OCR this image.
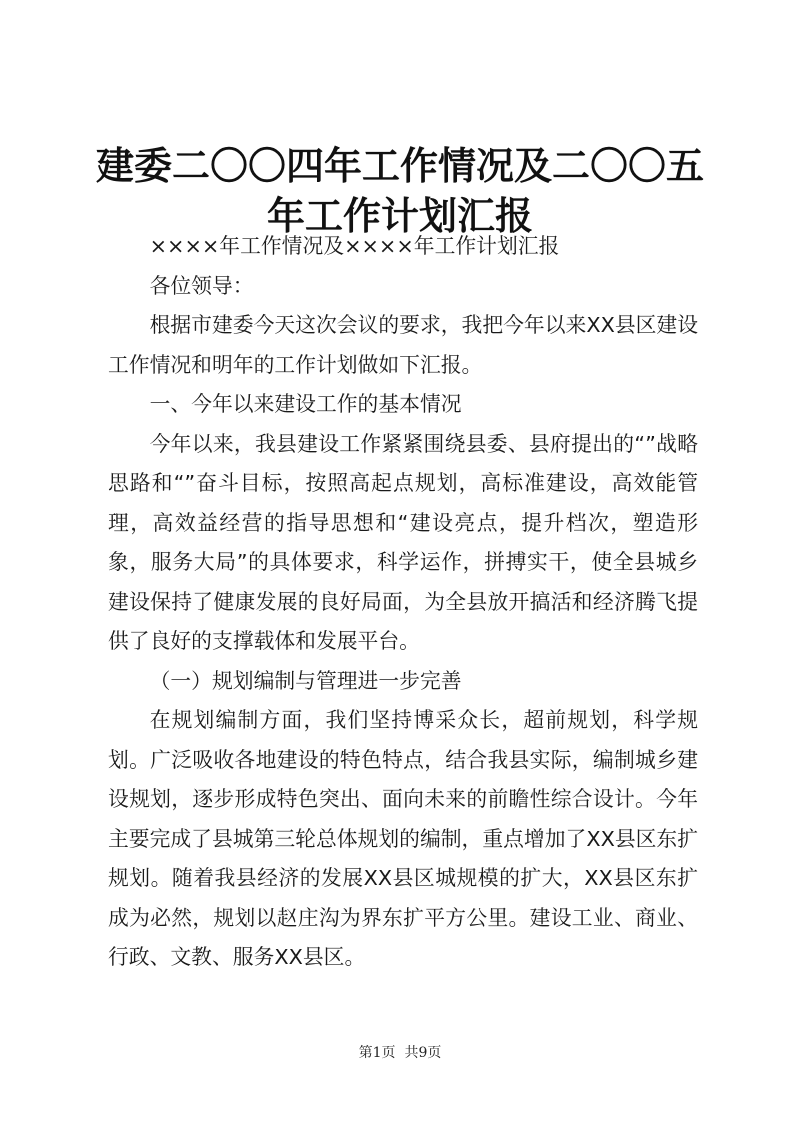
建委二〇〇四年工作情况及二〇〇五年工作计划汇报

××××年工作情况及××××年工作计划汇报

各位领导：

根据市建委今天这次会议的要求，我把今年以来XX县区建设工作情况和明年的工作计划做如下汇报。

一、今年以来建设工作的基本情况

今年以来，我县建设工作紧紧围绕县委、县府提出的“”战略思路和“”奋斗目标，按照高起点规划，高标准建设，高效能管理，高效益经营的指导思想和“建设亮点，提升档次，塑造形象，服务大局”的具体要求，科学运作，拼搏实干，使全县城乡建设保持了健康发展的良好局面，为全县放开搞活和经济腾飞提供了良好的支撑载体和发展平台。

（一）规划编制与管理进一步完善

在规划编制方面，我们坚持博采众长，超前规划，科学规划。广泛吸收各地建设的特色特点，结合我县实际，编制城乡建设规划，逐步形成特色突出、面向未来的前瞻性综合设计。今年主要完成了县城第三轮总体规划的编制，重点增加了XX县区东扩规划。随着我县经济的发展XX县区城规模的扩大，XX县区东扩成为必然，规划以赵庄沟为界东扩平方公里。建设工业、商业、行政、文教、服务XX县区。

第1页 共9页
